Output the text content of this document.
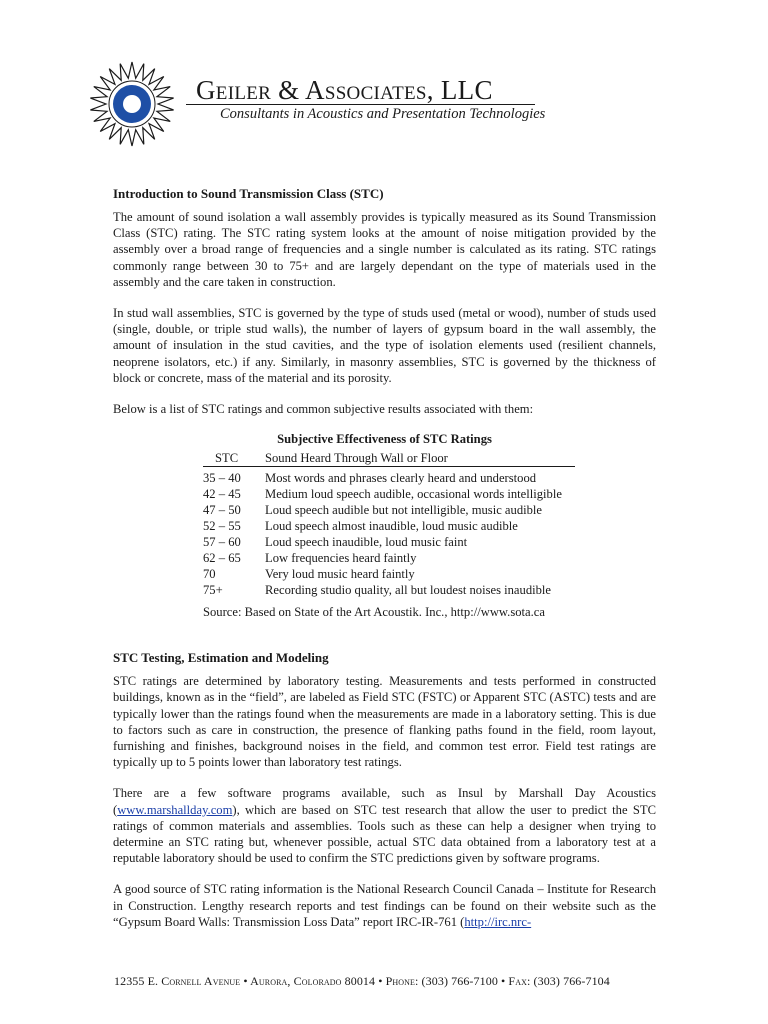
Geiler & Associates, LLC
Consultants in Acoustics and Presentation Technologies
Introduction to Sound Transmission Class (STC)

The amount of sound isolation a wall assembly provides is typically measured as its Sound Transmission Class (STC) rating. The STC rating system looks at the amount of noise mitigation provided by the assembly over a broad range of frequencies and a single number is calculated as its rating. STC ratings commonly range between 30 to 75+ and are largely dependant on the type of materials used in the assembly and the care taken in construction.

In stud wall assemblies, STC is governed by the type of studs used (metal or wood), number of studs used (single, double, or triple stud walls), the number of layers of gypsum board in the wall assembly, the amount of insulation in the stud cavities, and the type of isolation elements used (resilient channels, neoprene isolators, etc.) if any. Similarly, in masonry assemblies, STC is governed by the thickness of block or concrete, mass of the material and its porosity.

Below is a list of STC ratings and common subjective results associated with them:

Subjective Effectiveness of STC Ratings
STC	Sound Heard Through Wall or Floor
35 – 40	Most words and phrases clearly heard and understood
42 – 45	Medium loud speech audible, occasional words intelligible
47 – 50	Loud speech audible but not intelligible, music audible
52 – 55	Loud speech almost inaudible, loud music audible
57 – 60	Loud speech inaudible, loud music faint
62 – 65	Low frequencies heard faintly
70	Very loud music heard faintly
75+	Recording studio quality, all but loudest noises inaudible
Source: Based on State of the Art Acoustik. Inc., http://www.sota.ca
STC Testing, Estimation and Modeling

STC ratings are determined by laboratory testing. Measurements and tests performed in constructed buildings, known as in the “field”, are labeled as Field STC (FSTC) or Apparent STC (ASTC) tests and are typically lower than the ratings found when the measurements are made in a laboratory setting. This is due to factors such as care in construction, the presence of flanking paths found in the field, room layout, furnishing and finishes, background noises in the field, and common test error. Field test ratings are typically up to 5 points lower than laboratory test ratings.

There are a few software programs available, such as Insul by Marshall Day Acoustics (www.marshallday.com), which are based on STC test research that allow the user to predict the STC ratings of common materials and assemblies. Tools such as these can help a designer when trying to determine an STC rating but, whenever possible, actual STC data obtained from a laboratory test at a reputable laboratory should be used to confirm the STC predictions given by software programs.

A good source of STC rating information is the National Research Council Canada – Institute for Research in Construction. Lengthy research reports and test findings can be found on their website such as the “Gypsum Board Walls: Transmission Loss Data” report IRC-IR-761 (http://irc.nrc-

12355 E. Cornell Avenue • Aurora, Colorado 80014 • Phone: (303) 766-7100 • Fax: (303) 766-7104
